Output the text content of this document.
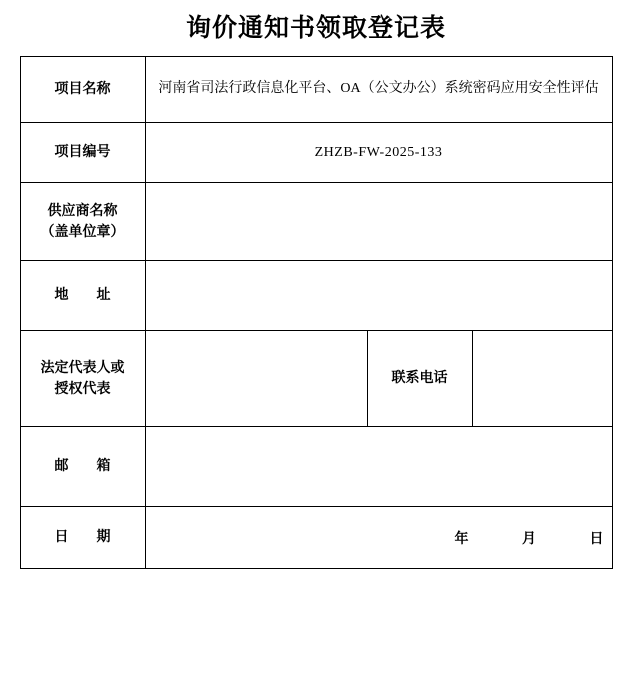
询价通知书领取登记表
项目名称	河南省司法行政信息化平台、OA（公文办公）系统密码应用安全性评估		
项目编号	ZHZB-FW-2025-133		

供应商名称
（盖单位章）			

地　　址			

法定代表人或
授权代表		联系电话	
邮　　箱			
日　　期	年 月 日		
